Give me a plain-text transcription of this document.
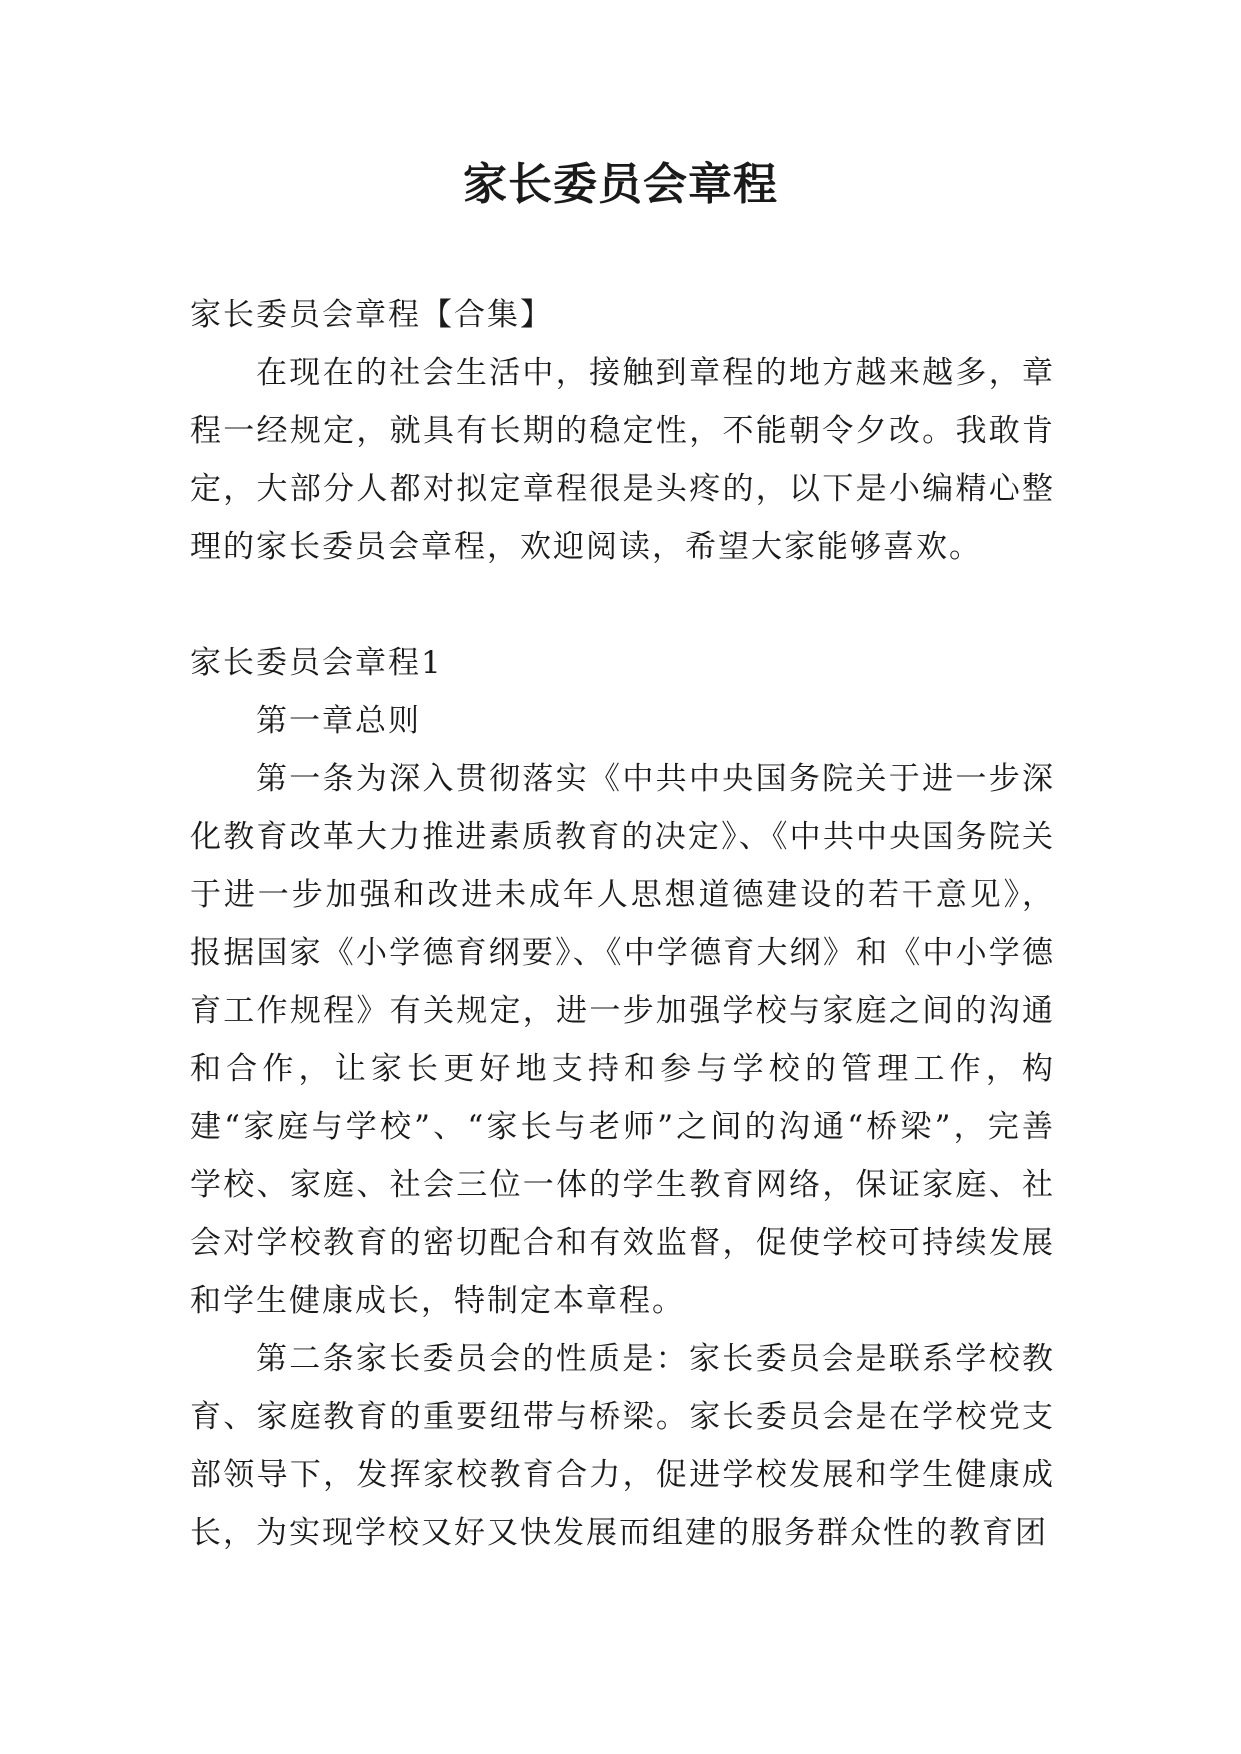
家长委员会章程

家长委员会章程【合集】

在现在的社会生活中，接触到章程的地方越来越多，章程一经规定，就具有长期的稳定性，不能朝令夕改。我敢肯定，大部分人都对拟定章程很是头疼的，以下是小编精心整理的家长委员会章程，欢迎阅读，希望大家能够喜欢。

家长委员会章程1

第一章总则

第一条为深入贯彻落实《中共中央国务院关于进一步深化教育改革大力推进素质教育的决定》、《中共中央国务院关于进一步加强和改进未成年人思想道德建设的若干意见》，报据国家《小学德育纲要》、《中学德育大纲》和《中小学德育工作规程》有关规定，进一步加强学校与家庭之间的沟通和合作，让家长更好地支持和参与学校的管理工作，构建“家庭与学校”、“家长与老师”之间的沟通“桥梁”，完善学校、家庭、社会三位一体的学生教育网络，保证家庭、社会对学校教育的密切配合和有效监督，促使学校可持续发展和学生健康成长，特制定本章程。

第二条家长委员会的性质是：家长委员会是联系学校教育、家庭教育的重要纽带与桥梁。家长委员会是在学校党支部领导下，发挥家校教育合力，促进学校发展和学生健康成长，为实现学校又好又快发展而组建的服务群众性的教育团
